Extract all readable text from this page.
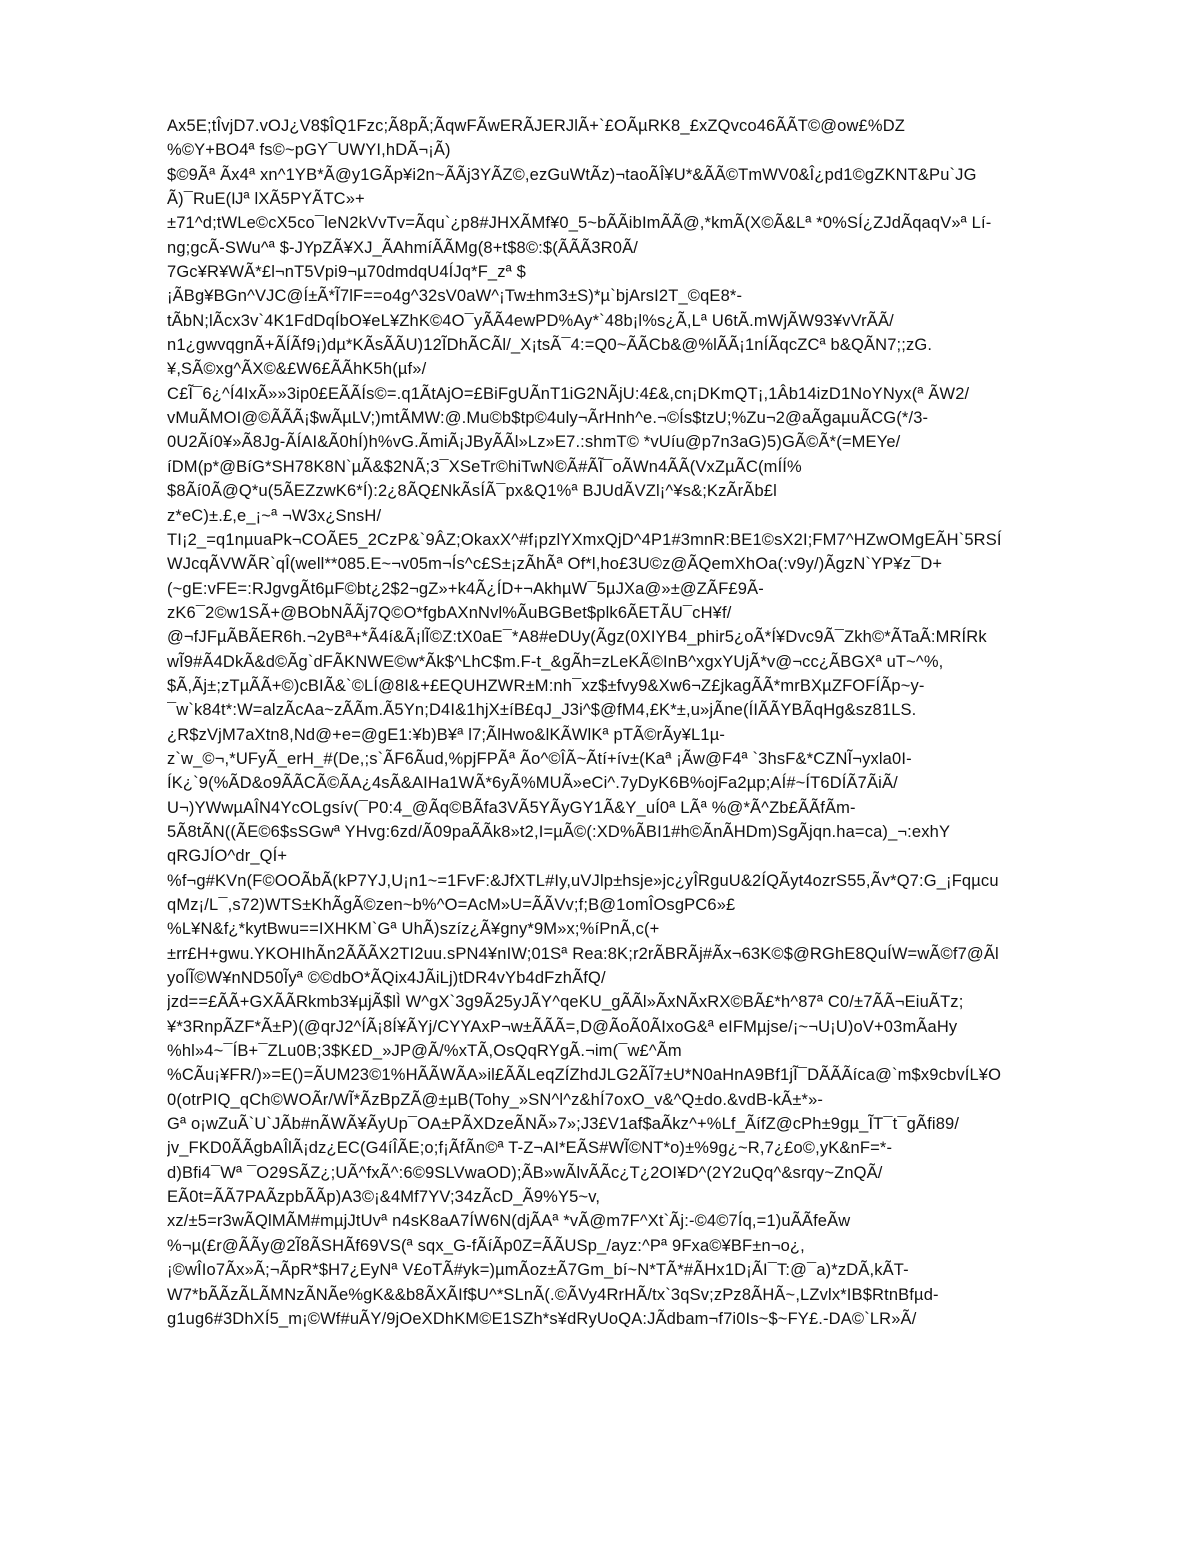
Ax5E;tÎvjD7.vOJ¿V8$ÎQ1Fzc;Ã8pÃ;ÃqwFÃwERÃJERJlÃ+`£OÃµRK8_£xZQvco46ÃÃT©@ow£%DZ
%©Y+BO4ª fs©~pGY¯UWYI,hDÃ¬¡Ã)
$©9Ãª Ãx4ª xn^1YB*Ã@y1GÃp¥i2n~ÃÃj3YÃZ©,ezGuWtÃz)¬taoÃÎ¥U*&ÃÃ©TmWV0&Î¿pd1©gZKNT&Pu`JG
Ã)¯RuE(Ĳª lXÃ5PYÃTC»+
±71^d;tWLe©cX5co¯leN2kVvTv=Ãqu`¿p8#JHXÃMf¥0_5~bÃÃibImÃÃ@,*kmÃ(X©Ã&Lª *0%SÍ¿ZJdÃqaqV»ª Lí-
ng;gcÃ-SWu^ª $-JYpZÃ¥XJ_ÃAhmíÃÃMg(8+t$8©:$(ÃÃÃ3R0Ã/
7Gc¥R¥WÃ*£l¬nT5Vpi9¬µ70dmdqU4ÍJq*F_zª $
¡ÃBg¥BGn^VJC@Í±Ã*Ĩ7lF==o4g^32sV0aW^¡Tw±hm3±S)*µ`bjArsI2T_©qE8*-
tÃbN;lÃcx3v`4K1FdDqÍbO¥eL¥ZhK©4O¯yÃÃ4ewPD%Ay*`48b¡l%s¿Ã,Lª U6tÃ.mWjÃW93¥vVrÃÃ/
n1¿gwvqgnÃ+ÃÍÃf9¡)dµ*KÃsÃÃU)12ĨDhÃCÃl/_X¡tsÃ¯4:=Q0~ÃÃCb&@%lÃÃ¡1nÍÃqcZCª b&QÃN7;;zG.
¥,SÃ©xg^ÃX©&£W6£ÃÃhK5h(µf»/
C£Ĩ¯6¿^Í4IxÃ»»3ip0£EÃÃÍs©=.q1ÃtAjO=£BiFgUÃnT1iG2NÃjU:4£&,cn¡DKmQT¡,1Âb14izD1NoYNyx(ª ÃW2/
vMuÃMOI@©ÃÃÃ¡$wÃµLV;)mtÃMW:@.Mu©b$tp©4uly¬ÃrHnh^e.¬©Ís$tzU;%Zu¬2@aÃgaµuÃCG(*/3-
0U2Ãí0¥»Ã8Jg-ÃÍAI&Ã0hÍ)h%vG.ÃmiÃ¡JByÃÃl»Lz»E7.:shmT© *vUíu@p7n3aG)5)GÃ©Ã*(=MEYe/
íDM(p*@BíG*SH78K8N`µÃ&$2NÃ;3¯XSeTr©hiTwN©Ã#ÃĨ¯oÃWn4ÃÃ(VxZµÃC(mÍÍ%
$8Ãí0Ã@Q*u(5ÃEZzwK6*Í):2¿8ÃQ£NkÃsÍÃ¯px&Q1%ª BJUdÃVZl¡^¥s&;KzÃrÃb£l
z*eC)±.£,e_¡~ª ¬W3x¿SnsH/
TI¡2_=q1nµuaPk¬COÃE5_2CzP&`9ÂZ;OkaxX^#f¡pzlYXmxQjD^4P1#3mnR:BE1©sX2I;FM7^HZwOMgEÃH`5RSÍ
WJcqÃVWÃR`qÎ(well**085.E~¬v05m¬Ís^c£S±¡zÃhÃª Of*l,ho£3U©z@ÃQemXhOa(:v9y/)ÃgzN`YP¥z¯D+
(~gE:vFE=:RJgvgÃt6µF©bt¿2$2¬gZ»+k4Ã¿ÍD+¬AkhµW¯5µJXa@»±@ZÃF£9Ã-
zK6¯2©w1SÃ+@BObNÃÃj7Q©O*fgbAXnNvl%ÃuBGBet$plk6ÃETÃU¯cH¥f/
@¬fJFµÃBÃER6h.¬2yBª+*Ã4í&Ã¡lĨ©Z:tX0aE¯*A8#eDUy(Ãgz(0XIYB4_phir5¿oÃ*Í¥Dvc9Ã¯Zkh©*ÃTaÃ:MRÍRk
wĨ9#Ã4DkÃ&d©Ãg`dFÃKNWE©w*Ãk$^LhC$m.F-t_&gÃh=zLeKÃ©InB^xgxYUjÃ*v@¬cc¿ÃBGXª uT~^%,
$Ã,Ãj±;zTµÃÃ+©)cBIÃ&`©LÍ@8I&+£EQUHZWR±M:nh¯xz$±fvy9&Xw6¬Z£jkagÃÃ*mrBXµZFOFÍÃp~y-
¯w`k84t*:W=alzÃcAa~zÃÃm.Ã5Yn;D4I&1hjX±íB£qJ_J3i^$@fM4,£K*±,u»jÃne(ÍIÃÃYBÃqHg&sz81LS.
¿R$zVjM7aXtn8,Nd@+e=@gE1:¥b)B¥ª l7;ÃlHwo&lKÃWlKª pTÃ©rÃy¥L1µ-
z`w_©¬,*UFyÃ_erH_#(De,;s`ÃF6Ãud,%pjFPÃª Ão^©ÎÃ~Ãtí+ív±(Kaª ¡Ãw@F4ª `3hsF&*CZNĨ¬yxla0I-
ÍK¿`9(%ÃD&o9ÃÃCÃ©ÃA¿4sÃ&AIHa1WÃ*6yÃ%MUÃ»eCi^.7yDyK6B%ojFa2µp;AÍ#~ÍT6DÍÃ7ÃiÃ/
U¬)YWwµAÎN4YcOLgsív(¯P0:4_@Ãq©BÃfa3VÃ5YÃyGY1Ã&Y_uÍ0ª LÃª %@*Ã^Zb£ÃÃfÃm-
5Ã8tÃN((ÃE©6$sSGwª YHvg:6zd/Ã09paÃÃk8»t2,I=µÃ©(:XD%ÃBI1#h©ÃnÃHDm)SgÃjqn.ha=ca)_¬:exhY
qRGJÍO^dr_QÍ+
%f¬g#KVn(F©OOÃbÃ(kP7YJ,U¡n1~=1FvF:&JfXTL#Iy,uVJlp±hsje»jc¿yÎRguU&2ÍQÃyt4ozrS55,Ãv*Q7:G_¡Fqµcu
qMz¡/L¯,s72)WTS±KhÃgÃ©zen~b%^O=AcM»U=ÃÃVv;f;B@1omÎOsgPC6»£
%L¥N&f¿*kytBwu==IXHKM`Gª UhÃ)szíz¿Ã¥gny*9M»x;%íPnÃ,c(+
±rr£H+gwu.YKOHIhÃn2ÃÃÃX2TI2uu.sPN4¥nIW;01Sª Rea:8K;r2rÃBRÃj#Ãx¬63K©$@RGhE8QuÍW=wÃ©f7@Ãl
yoÍĨ©W¥nND50Ĩyª ©©dbO*ÃQix4JÃiLj)tDR4vYb4dFzhÃfQ/
jzd==£ÃÃ+GXÃÃRkmb3¥µjÃ$lÌ W^gX`3g9Ã25yJÃY^qeKU_gÃÃl»ÃxNÃxRX©BÃ£*h^87ª C0/±7ÃÃ¬EiuÃTz;
¥*3RnpÃZF*Ã±P)(@qrJ2^ÍÃ¡8Í¥ÃYj/CYYAxP¬w±ÃÃÃ=,D@ÃoÃ0ÃIxoG&ª eIFMµjse/¡~¬U¡U)oV+03mÃaHy
%hl»4~¯ÍB+¯ZLu0B;3$K£D_»JP@Ã/%xTÃ,OsQqRYgÃ.¬im(¯w£^Ãm
%CÃu¡¥FR/)»=E()=ÃUM23©1%HÃÃWÃA»il£ÃÃLeqZÍZhdJLG2ÃĨ7±U*N0aHnA9Bf1jĨ¯DÃÃÃíca@`m$x9cbvÍL¥O
0(otrPIQ_qCh©WOÃr/WĨ*ÃzBpZÃ@±µB(Tohy_»SN^l^z&hÍ7oxO_v&^Q±do.&vdB-kÃ±*»-
Gª o¡wZuÃ`U`JÃb#nÃWÃ¥ÃyUp¯OA±PÃXDzeÃNÃ»7»;J3£V1af$aÃkz^+%Lf_ÃífZ@cPh±9gµ_ĨT¯t¯gÃfi89/
jv_FKD0ÃÃgbAÎlÃ¡dz¿EC(G4íÎÃE;o;f¡ÃfÃn©ª T-Z¬AI*EÃS#WĨ©NT*o)±%9g¿~R,7¿£o©,yK&nF=*-
d)Bfi4¯Wª ¯O29SÃZ¿;UÃ^fxÃ^:6©9SLVwaOD);ÃB»wÃlvÃÃc¿T¿2OI¥D^(2Y2uQq^&srqy~ZnQÃ/
EÃ0t=ÃÃ7PAÃzpbÃÃp)A3©¡&4Mf7YV;34zÃcD_Ã9%Y5~v,
xz/±5=r3wÃQlMÃM#mµjJtUvª n4sK8aA7ÍW6N(djÃAª *vÃ@m7F^Xt`Ãj:-©4©7Íq,=1)uÃÃfeÃw
%¬µ(£r@ÃÃy@2Ĩ8ÃSHÃf69VS(ª sqx_G-fÃíÃp0Z=ÃÃUSp_/ayz:^Pª 9Fxa©¥BF±n¬o¿,
¡©wÎIo7Ãx»Ã;¬ÃpR*$H7¿EyNª V£oTÃ#yk=)µmÃoz±Ã7Gm_bí~N*TÃ*#ÃHx1D¡ÃI¯T:@¯a)*zDÃ,kÃT-
W7*bÃÃzÃLÃMNzÃNÃe%gK&&b8ÃXÃIf$U^*SLnÃ(.©ÃVy4RrHÃ/tx`3qSv;zPz8ÃHÃ~,LZvlx*IB$RtnBfµd-
g1ug6#3DhXÍ5_m¡©Wf#uÃY/9jOeXDhKM©E1SZh*s¥dRyUoQA:JÃdbam¬f7i0Is~$~FY£.-DA©`LR»Ã/
